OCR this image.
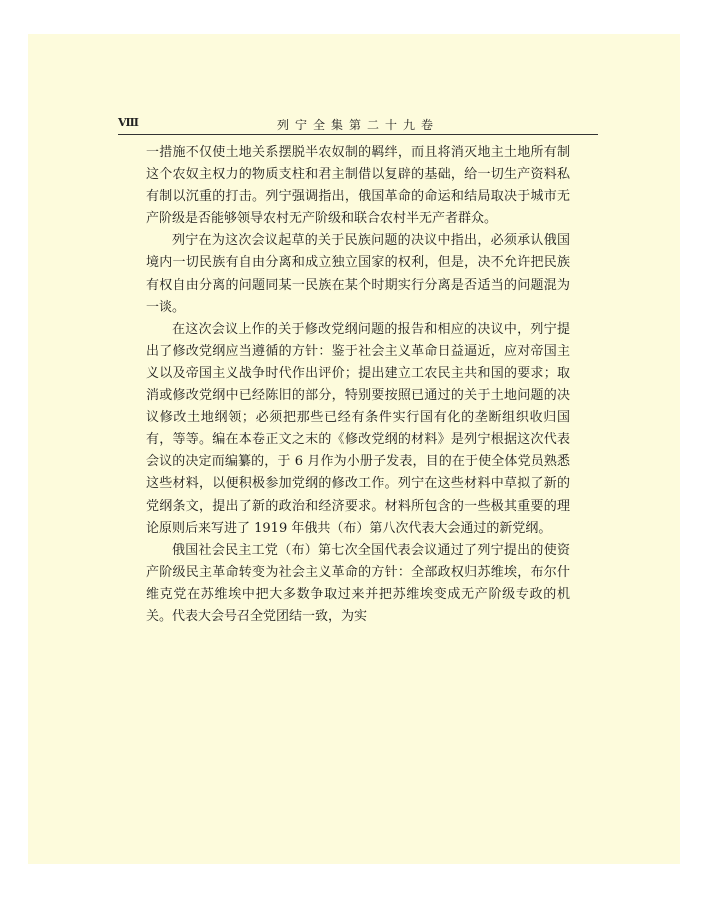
Ⅷ	列宁全集第二十九卷

一措施不仅使土地关系摆脱半农奴制的羁绊，而且将消灭地主土地所有制这个农奴主权力的物质支柱和君主制借以复辟的基础，给一切生产资料私有制以沉重的打击。列宁强调指出，俄国革命的命运和结局取决于城市无产阶级是否能够领导农村无产阶级和联合农村半无产者群众。

列宁在为这次会议起草的关于民族问题的决议中指出，必须承认俄国境内一切民族有自由分离和成立独立国家的权利，但是，决不允许把民族有权自由分离的问题同某一民族在某个时期实行分离是否适当的问题混为一谈。

在这次会议上作的关于修改党纲问题的报告和相应的决议中，列宁提出了修改党纲应当遵循的方针：鉴于社会主义革命日益逼近，应对帝国主义以及帝国主义战争时代作出评价；提出建立工农民主共和国的要求；取消或修改党纲中已经陈旧的部分，特别要按照已通过的关于土地问题的决议修改土地纲领；必须把那些已经有条件实行国有化的垄断组织收归国有，等等。编在本卷正文之末的《修改党纲的材料》是列宁根据这次代表会议的决定而编纂的，于 6 月作为小册子发表，目的在于使全体党员熟悉这些材料，以便积极参加党纲的修改工作。列宁在这些材料中草拟了新的党纲条文，提出了新的政治和经济要求。材料所包含的一些极其重要的理论原则后来写进了 1919 年俄共（布）第八次代表大会通过的新党纲。

俄国社会民主工党（布）第七次全国代表会议通过了列宁提出的使资产阶级民主革命转变为社会主义革命的方针：全部政权归苏维埃，布尔什维克党在苏维埃中把大多数争取过来并把苏维埃变成无产阶级专政的机关。代表大会号召全党团结一致，为实
